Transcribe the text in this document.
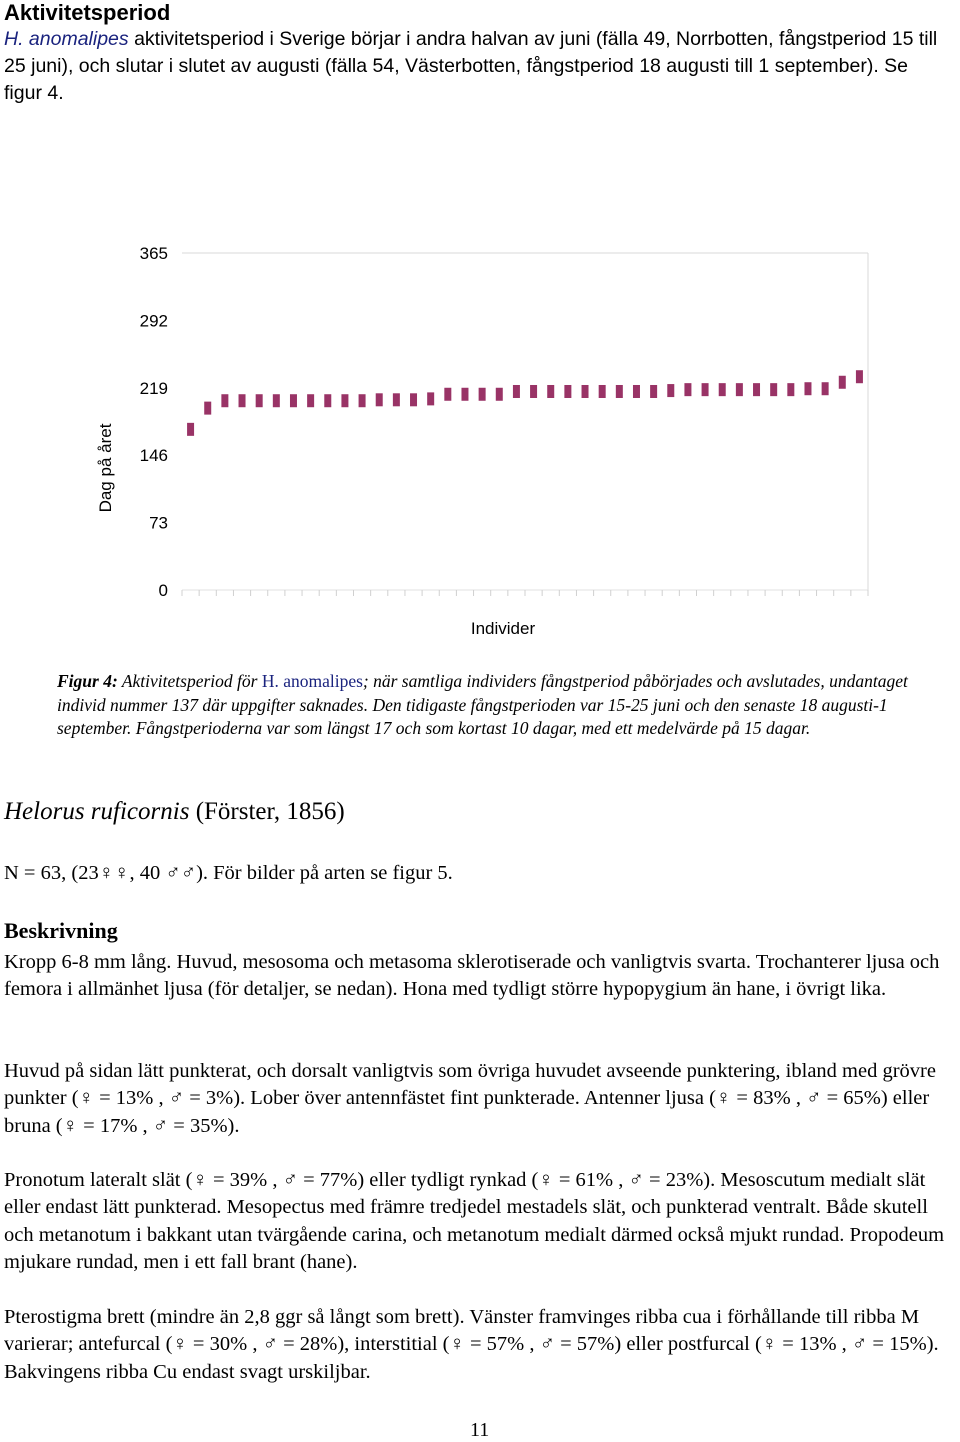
Aktivitetsperiod
H. anomalipes aktivitetsperiod i Sverige börjar i andra halvan av juni (fälla 49, Norrbotten, fångstperiod 15 till 25 juni), och slutar i slutet av augusti (fälla 54, Västerbotten, fångstperiod 18 augusti till 1 september). Se figur 4.
365
292
219
146
73
0
Dag på året
Individer
Figur 4: Aktivitetsperiod för H. anomalipes; när samtliga individers fångstperiod påbörjades och avslutades, undantaget individ nummer 137 där uppgifter saknades. Den tidigaste fångstperioden var 15-25 juni och den senaste 18 augusti-1 september. Fångstperioderna var som längst 17 och som kortast 10 dagar, med ett medelvärde på 15 dagar.
Helorus ruficornis (Förster, 1856)
N = 63, (23♀♀, 40 ♂♂). För bilder på arten se figur 5.
Beskrivning
Kropp 6-8 mm lång. Huvud, mesosoma och metasoma sklerotiserade och vanligtvis svarta. Trochanterer ljusa och femora i allmänhet ljusa (för detaljer, se nedan). Hona med tydligt större hypopygium än hane, i övrigt lika.
Huvud på sidan lätt punkterat, och dorsalt vanligtvis som övriga huvudet avseende punktering, ibland med grövre punkter (♀ = 13% , ♂ = 3%). Lober över antennfästet fint punkterade. Antenner ljusa (♀ = 83% , ♂ = 65%) eller bruna (♀ = 17% , ♂ = 35%).
Pronotum lateralt slät (♀ = 39% , ♂ = 77%) eller tydligt rynkad (♀ = 61% , ♂ = 23%). Mesoscutum medialt slät eller endast lätt punkterad. Mesopectus med främre tredjedel mestadels slät, och punkterad ventralt. Både skutell och metanotum i bakkant utan tvärgående carina, och metanotum medialt därmed också mjukt rundad. Propodeum mjukare rundad, men i ett fall brant (hane).
Pterostigma brett (mindre än 2,8 ggr så långt som brett). Vänster framvinges ribba cua i förhållande till ribba M varierar; antefurcal (♀ = 30% , ♂ = 28%), interstitial (♀ = 57% , ♂ = 57%) eller postfurcal (♀ = 13% , ♂ = 15%). Bakvingens ribba Cu endast svagt urskiljbar.
11
